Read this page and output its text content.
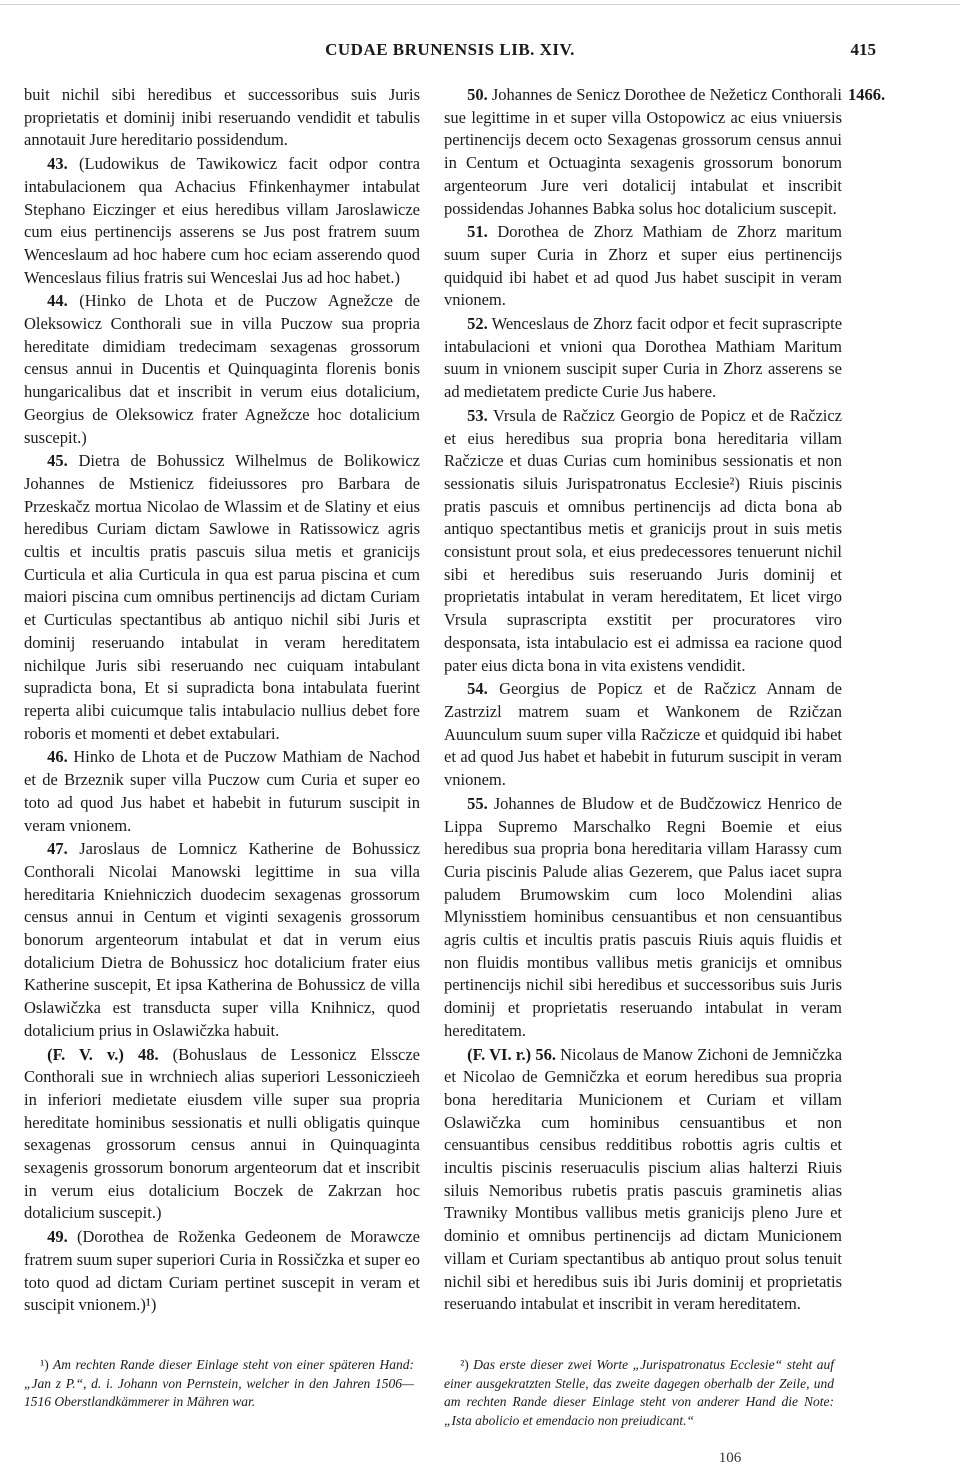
CUDAE BRUNENSIS LIB. XIV.	415

buit nichil sibi heredibus et successoribus suis Juris proprietatis et dominij inibi reseruando vendidit et tabulis annotauit Jure hereditario possidendum.

43. (Ludowikus de Tawikowicz facit odpor contra intabulacionem qua Achacius Ffinkenhaymer intabulat Stephano Eiczinger et eius heredibus villam Jaroslawicze cum eius pertinencijs asserens se Jus post fratrem suum Wenceslaum ad hoc habere cum hoc eciam asserendo quod Wenceslaus filius fratris sui Wenceslai Jus ad hoc habet.)

44. (Hinko de Lhota et de Puczow Agnežcze de Oleksowicz Conthorali sue in villa Puczow sua propria hereditate dimidiam tredecimam sexagenas grossorum census annui in Ducentis et Quinquaginta florenis bonis hungaricalibus dat et inscribit in verum eius dotalicium, Georgius de Oleksowicz frater Agnežcze hoc dotalicium suscepit.)

45. Dietra de Bohussicz Wilhelmus de Bolikowicz Johannes de Mstienicz fideiussores pro Barbara de Przeskačz mortua Nicolao de Wlassim et de Slatiny et eius heredibus Curiam dictam Sawlowe in Ratissowicz agris cultis et incultis pratis pascuis silua metis et granicijs Curticula et alia Curticula in qua est parua piscina et cum maiori piscina cum omnibus pertinencijs ad dictam Curiam et Curticulas spectantibus ab antiquo nichil sibi Juris et dominij reseruando intabulat in veram hereditatem nichilque Juris sibi reseruando nec cuiquam intabulant supradicta bona, Et si supradicta bona intabulata fuerint reperta alibi cuicumque talis intabulacio nullius debet fore roboris et momenti et debet extabulari.

46. Hinko de Lhota et de Puczow Mathiam de Nachod et de Brzeznik super villa Puczow cum Curia et super eo toto ad quod Jus habet et habebit in futurum suscipit in veram vnionem.

47. Jaroslaus de Lomnicz Katherine de Bohussicz Conthorali Nicolai Manowski legittime in sua villa hereditaria Kniehniczich duodecim sexagenas grossorum census annui in Centum et viginti sexagenis grossorum bonorum argenteorum intabulat et dat in verum eius dotalicium Dietra de Bohussicz hoc dotalicium frater eius Katherine suscepit, Et ipsa Katherina de Bohussicz de villa Oslawičzka est transducta super villa Knihnicz, quod dotalicium prius in Oslawičzka habuit.

(F. V. v.) 48. (Bohuslaus de Lessonicz Elsscze Conthorali sue in wrchniech alias superiori Lessoniczieeh in inferiori medietate eiusdem ville super sua propria hereditate hominibus sessionatis et nulli obligatis quinque sexagenas grossorum census annui in Quinquaginta sexagenis grossorum bonorum argenteorum dat et inscribit in verum eius dotalicium Boczek de Zakrzan hoc dotalicium suscepit.)

49. (Dorothea de Roženka Gedeonem de Morawcze fratrem suum super superiori Curia in Rossičzka et super eo toto quod ad dictam Curiam pertinet suscepit in veram et suscipit vnionem.)¹)

50. Johannes de Senicz Dorothee de Nežeticz Conthorali sue legittime in et super villa Ostopowicz ac eius vniuersis pertinencijs decem octo Sexagenas grossorum census annui in Centum et Octuaginta sexagenis grossorum bonorum argenteorum Jure veri dotalicij intabulat et inscribit possidendas Johannes Babka solus hoc dotalicium suscepit.

51. Dorothea de Zhorz Mathiam de Zhorz maritum suum super Curia in Zhorz et super eius pertinencijs quidquid ibi habet et ad quod Jus habet suscipit in veram vnionem.

52. Wenceslaus de Zhorz facit odpor et fecit suprascripte intabulacioni et vnioni qua Dorothea Mathiam Maritum suum in vnionem suscipit super Curia in Zhorz asserens se ad medietatem predicte Curie Jus habere.

53. Vrsula de Račzicz Georgio de Popicz et de Račzicz et eius heredibus sua propria bona hereditaria villam Račzicze et duas Curias cum hominibus sessionatis et non sessionatis siluis Jurispatronatus Ecclesie²) Riuis piscinis pratis pascuis et omnibus pertinencijs ad dicta bona ab antiquo spectantibus metis et granicijs prout in suis metis consistunt prout sola, et eius predecessores tenuerunt nichil sibi et heredibus suis reseruando Juris dominij et proprietatis intabulat in veram hereditatem, Et licet virgo Vrsula suprascripta exstitit per procuratores viro desponsata, ista intabulacio est ei admissa ea racione quod pater eius dicta bona in vita existens vendidit.

54. Georgius de Popicz et de Račzicz Annam de Zastrzizl matrem suam et Wankonem de Rzičzan Auunculum suum super villa Račzicze et quidquid ibi habet et ad quod Jus habet et habebit in futurum suscipit in veram vnionem.

55. Johannes de Bludow et de Budčzowicz Henrico de Lippa Supremo Marschalko Regni Boemie et eius heredibus sua propria bona hereditaria villam Harassy cum Curia piscinis Palude alias Gezerem, que Palus iacet supra paludem Brumowskim cum loco Molendini alias Mlynisstiem hominibus censuantibus et non censuantibus agris cultis et incultis pratis pascuis Riuis aquis fluidis et non fluidis montibus vallibus metis granicijs et omnibus pertinencijs nichil sibi heredibus et successoribus suis Juris dominij et proprietatis reseruando intabulat in veram hereditatem.

(F. VI. r.) 56. Nicolaus de Manow Zichoni de Jemničzka et Nicolao de Gemničzka et eorum heredibus sua propria bona hereditaria Municionem et Curiam et villam Oslawičzka cum hominibus censuantibus et non censuantibus censibus redditibus robottis agris cultis et incultis piscinis reseruaculis piscium alias halterzi Riuis siluis Nemoribus rubetis pratis pascuis graminetis alias Trawniky Montibus vallibus metis granicijs pleno Jure et dominio et omnibus pertinencijs ad dictam Municionem villam et Curiam spectantibus ab antiquo prout solus tenuit nichil sibi et heredibus suis ibi Juris dominij et proprietatis reseruando intabulat et inscribit in veram hereditatem.

1466.

¹) Am rechten Rande dieser Einlage steht von einer späteren Hand: „Jan z P.“, d. i. Johann von Pernstein, welcher in den Jahren 1506—1516 Oberstlandkämmerer in Mähren war.

²) Das erste dieser zwei Worte „Jurispatronatus Ecclesie“ steht auf einer ausgekratzten Stelle, das zweite dagegen oberhalb der Zeile, und am rechten Rande dieser Einlage steht von anderer Hand die Note: „Ista abolicio et emendacio non preiudicant.“

106
